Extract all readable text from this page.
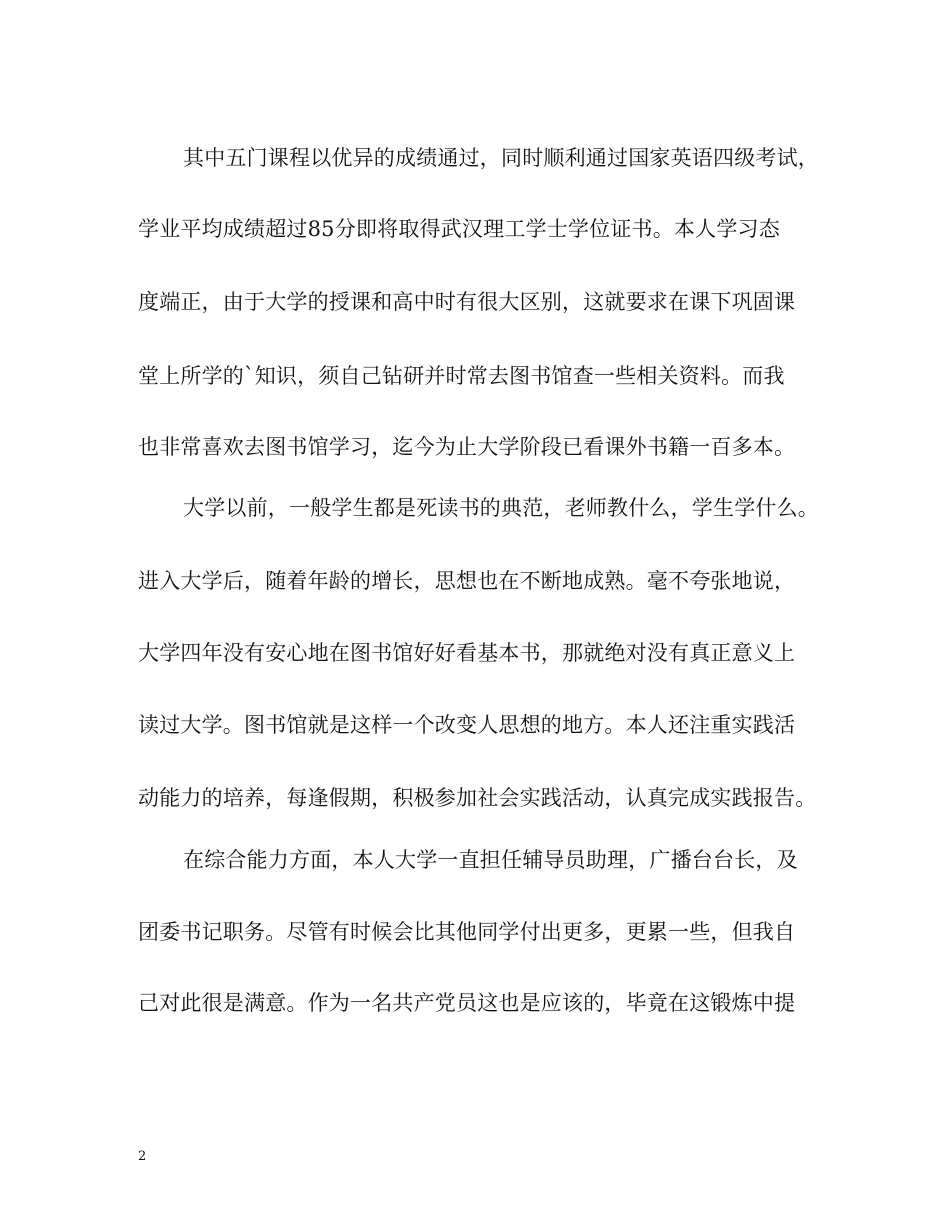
其中五门课程以优异的成绩通过，同时顺利通过国家英语四级考试，
学业平均成绩超过85分即将取得武汉理工学士学位证书。本人学习态
度端正，由于大学的授课和高中时有很大区别，这就要求在课下巩固课
堂上所学的`知识，须自己钻研并时常去图书馆查一些相关资料。而我
也非常喜欢去图书馆学习，迄今为止大学阶段已看课外书籍一百多本。
大学以前，一般学生都是死读书的典范，老师教什么，学生学什么。
进入大学后，随着年龄的增长，思想也在不断地成熟。毫不夸张地说，
大学四年没有安心地在图书馆好好看基本书，那就绝对没有真正意义上
读过大学。图书馆就是这样一个改变人思想的地方。本人还注重实践活
动能力的培养，每逢假期，积极参加社会实践活动，认真完成实践报告。
在综合能力方面，本人大学一直担任辅导员助理，广播台台长，及
团委书记职务。尽管有时候会比其他同学付出更多，更累一些，但我自
己对此很是满意。作为一名共产党员这也是应该的，毕竟在这锻炼中提
2
